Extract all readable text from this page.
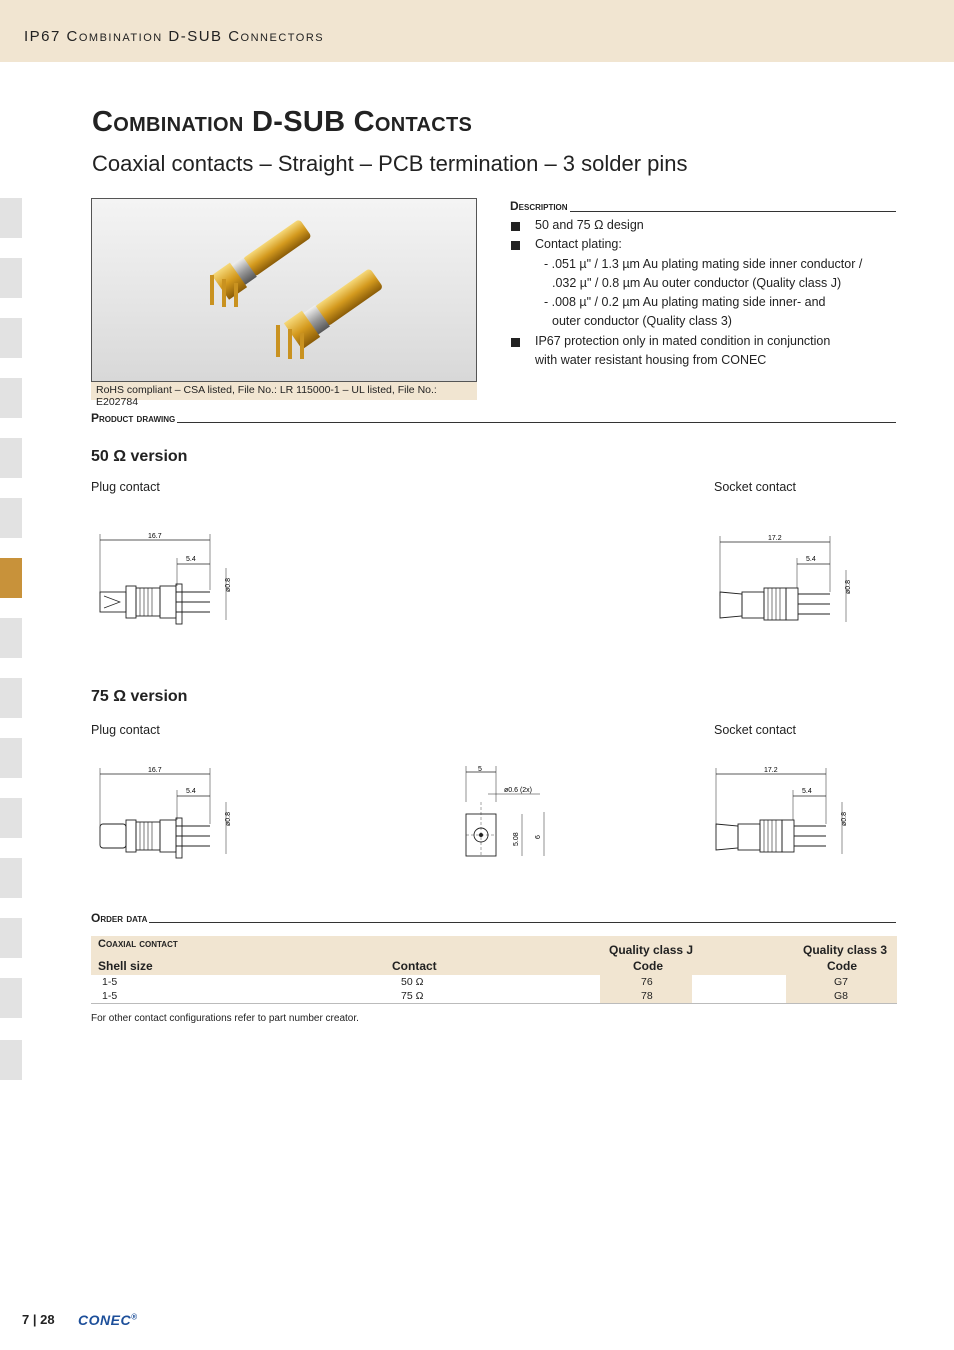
IP67 Combination D-SUB Connectors
Combination D-SUB Contacts
Coaxial contacts – Straight – PCB termination – 3 solder pins
RoHS compliant – CSA listed, File No.: LR 115000-1 – UL listed, File No.: E202784
Description
50 and 75 Ω design
Contact plating:
- .051 µ" / 1.3 µm Au plating mating side inner conductor /
.032 µ" / 0.8 µm Au outer conductor (Quality class J)
- .008 µ" / 0.2 µm Au plating mating side inner- and
outer conductor (Quality class 3)
IP67 protection only in mated condition in conjunction
with water resistant housing from CONEC
Product drawing
50 Ω version
Plug contact	Socket contact
16.7
5.4
ø0.8
17.2
5.4
ø0.8
75 Ω version
Plug contact	Socket contact
16.7
5.4
ø0.8
5
ø0.6 (2x)
5.08 6
17.2
5.4
ø0.8
Order data
Coaxial contact
Shell size	Contact
Quality class J
Code
Quality class 3
Code
1-5	50 Ω	76	G7
1-5	75 Ω	78	G8
For other contact configurations refer to part number creator.
7 | 28 CONEC®
